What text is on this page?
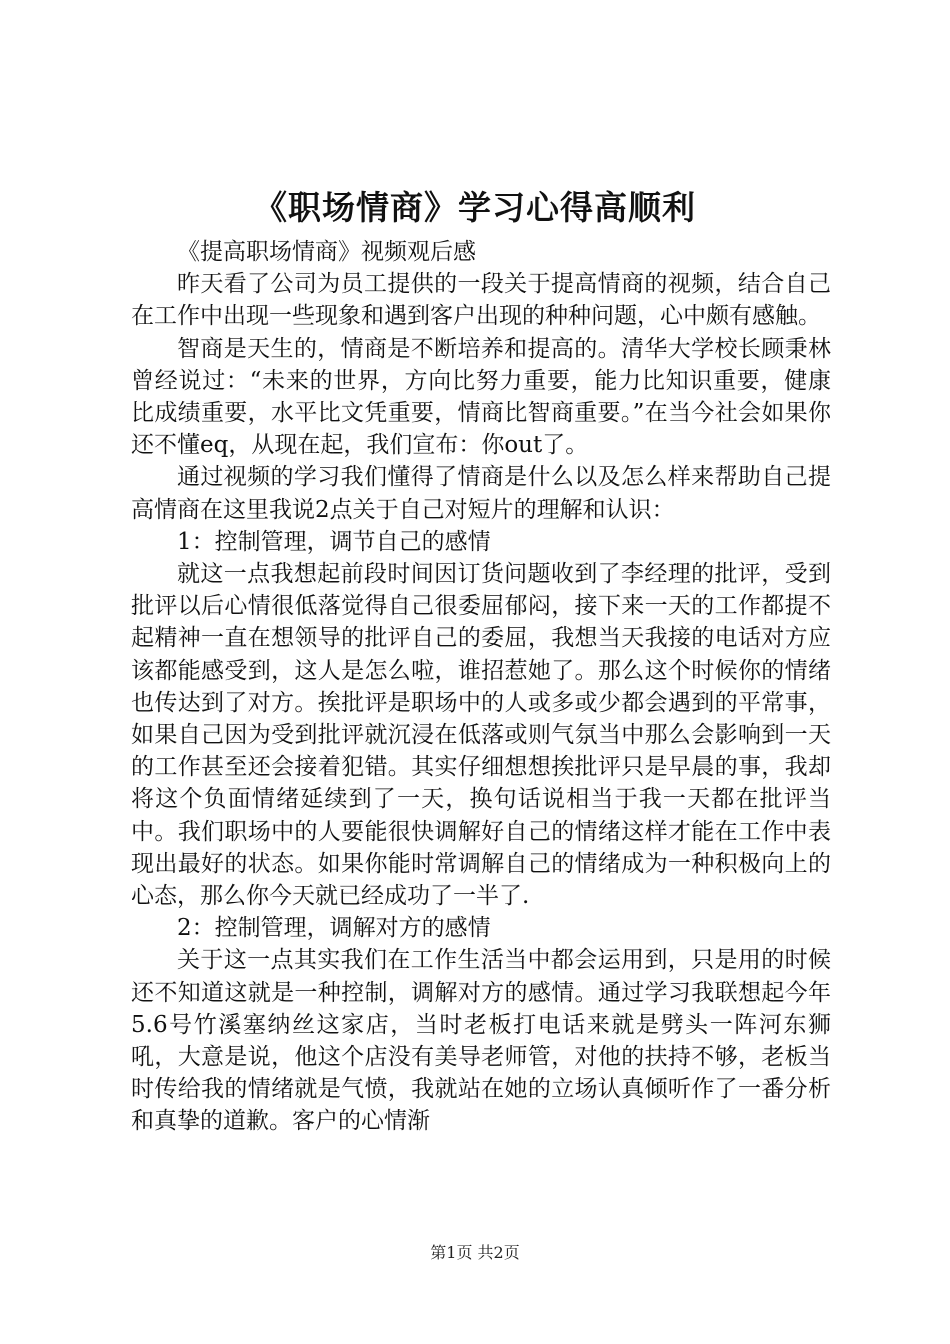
《职场情商》学习心得高顺利

《提高职场情商》视频观后感

昨天看了公司为员工提供的一段关于提高情商的视频，结合自己在工作中出现一些现象和遇到客户出现的种种问题，心中颇有感触。

智商是天生的，情商是不断培养和提高的。清华大学校长顾秉林曾经说过：“未来的世界，方向比努力重要，能力比知识重要，健康比成绩重要，水平比文凭重要，情商比智商重要。”在当今社会如果你还不懂eq，从现在起，我们宣布：你out了。

通过视频的学习我们懂得了情商是什么以及怎么样来帮助自己提高情商在这里我说2点关于自己对短片的理解和认识：

1：控制管理，调节自己的感情

就这一点我想起前段时间因订货问题收到了李经理的批评，受到批评以后心情很低落觉得自己很委屈郁闷，接下来一天的工作都提不起精神一直在想领导的批评自己的委屈，我想当天我接的电话对方应该都能感受到，这人是怎么啦，谁招惹她了。那么这个时候你的情绪也传达到了对方。挨批评是职场中的人或多或少都会遇到的平常事，如果自己因为受到批评就沉浸在低落或则气氛当中那么会影响到一天的工作甚至还会接着犯错。其实仔细想想挨批评只是早晨的事，我却将这个负面情绪延续到了一天，换句话说相当于我一天都在批评当中。我们职场中的人要能很快调解好自己的情绪这样才能在工作中表现出最好的状态。如果你能时常调解自己的情绪成为一种积极向上的心态，那么你今天就已经成功了一半了.

2：控制管理，调解对方的感情

关于这一点其实我们在工作生活当中都会运用到，只是用的时候还不知道这就是一种控制，调解对方的感情。通过学习我联想起今年5.6号竹溪塞纳丝这家店，当时老板打电话来就是劈头一阵河东狮吼，大意是说，他这个店没有美导老师管，对他的扶持不够，老板当时传给我的情绪就是气愤，我就站在她的立场认真倾听作了一番分析和真挚的道歉。客户的心情渐

第1页 共2页
